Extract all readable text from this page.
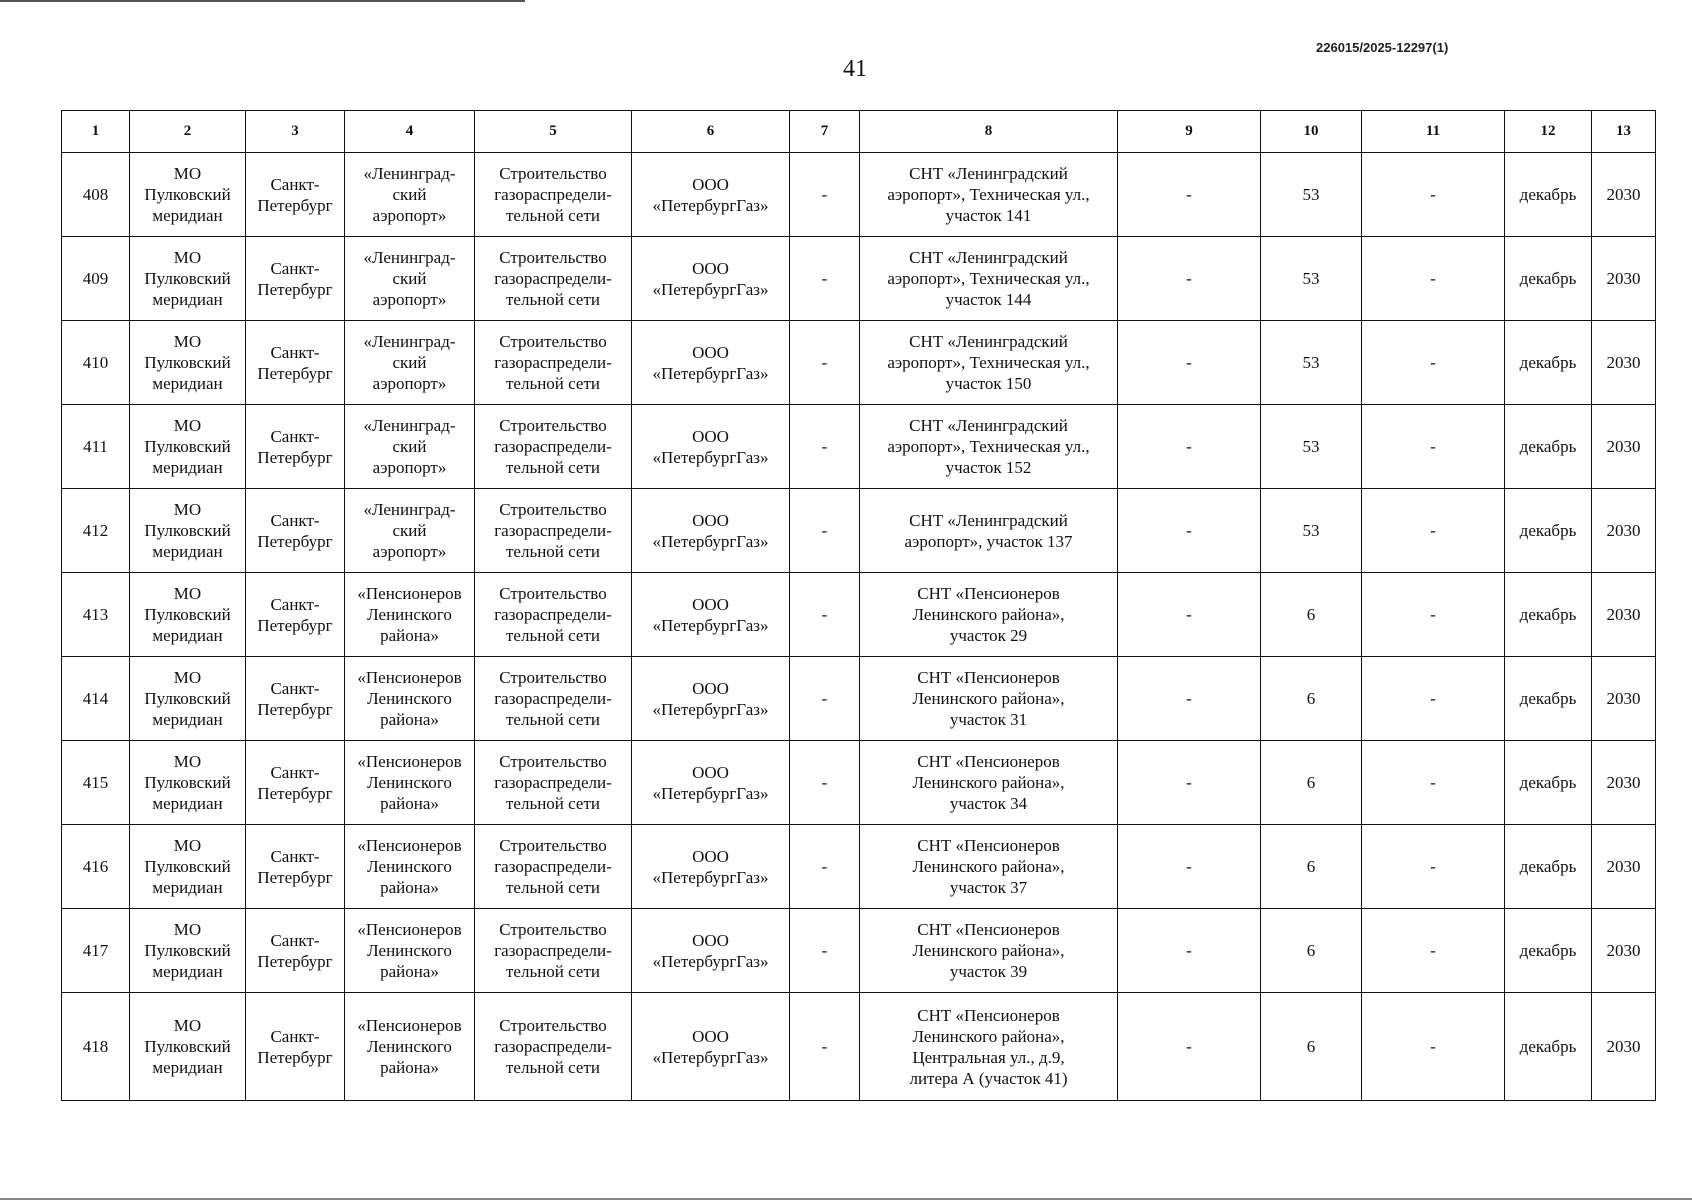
226015/2025-12297(1)
41
1	2	3	4	5	6	7	8	9	10	11	12	13
408	МО
Пулковский
меридиан	Санкт-
Петербург	«Ленинград-
ский
аэропорт»	Строительство
газораспредели-
тельной сети	ООО
«ПетербургГаз»	-	СНТ «Ленинградский
аэропорт», Техническая ул.,
участок 141	-	53	-	декабрь	2030
409	МО
Пулковский
меридиан	Санкт-
Петербург	«Ленинград-
ский
аэропорт»	Строительство
газораспредели-
тельной сети	ООО
«ПетербургГаз»	-	СНТ «Ленинградский
аэропорт», Техническая ул.,
участок 144	-	53	-	декабрь	2030
410	МО
Пулковский
меридиан	Санкт-
Петербург	«Ленинград-
ский
аэропорт»	Строительство
газораспредели-
тельной сети	ООО
«ПетербургГаз»	-	СНТ «Ленинградский
аэропорт», Техническая ул.,
участок 150	-	53	-	декабрь	2030
411	МО
Пулковский
меридиан	Санкт-
Петербург	«Ленинград-
ский
аэропорт»	Строительство
газораспредели-
тельной сети	ООО
«ПетербургГаз»	-	СНТ «Ленинградский
аэропорт», Техническая ул.,
участок 152	-	53	-	декабрь	2030
412	МО
Пулковский
меридиан	Санкт-
Петербург	«Ленинград-
ский
аэропорт»	Строительство
газораспредели-
тельной сети	ООО
«ПетербургГаз»	-	СНТ «Ленинградский
аэропорт», участок 137	-	53	-	декабрь	2030
413	МО
Пулковский
меридиан	Санкт-
Петербург	«Пенсионеров
Ленинского
района»	Строительство
газораспредели-
тельной сети	ООО
«ПетербургГаз»	-	СНТ «Пенсионеров
Ленинского района»,
участок 29	-	6	-	декабрь	2030
414	МО
Пулковский
меридиан	Санкт-
Петербург	«Пенсионеров
Ленинского
района»	Строительство
газораспредели-
тельной сети	ООО
«ПетербургГаз»	-	СНТ «Пенсионеров
Ленинского района»,
участок 31	-	6	-	декабрь	2030
415	МО
Пулковский
меридиан	Санкт-
Петербург	«Пенсионеров
Ленинского
района»	Строительство
газораспредели-
тельной сети	ООО
«ПетербургГаз»	-	СНТ «Пенсионеров
Ленинского района»,
участок 34	-	6	-	декабрь	2030
416	МО
Пулковский
меридиан	Санкт-
Петербург	«Пенсионеров
Ленинского
района»	Строительство
газораспредели-
тельной сети	ООО
«ПетербургГаз»	-	СНТ «Пенсионеров
Ленинского района»,
участок 37	-	6	-	декабрь	2030
417	МО
Пулковский
меридиан	Санкт-
Петербург	«Пенсионеров
Ленинского
района»	Строительство
газораспредели-
тельной сети	ООО
«ПетербургГаз»	-	СНТ «Пенсионеров
Ленинского района»,
участок 39	-	6	-	декабрь	2030
418	МО
Пулковский
меридиан	Санкт-
Петербург	«Пенсионеров
Ленинского
района»	Строительство
газораспредели-
тельной сети	ООО
«ПетербургГаз»	-	СНТ «Пенсионеров
Ленинского района»,
Центральная ул., д.9,
литера А (участок 41)	-	6	-	декабрь	2030
